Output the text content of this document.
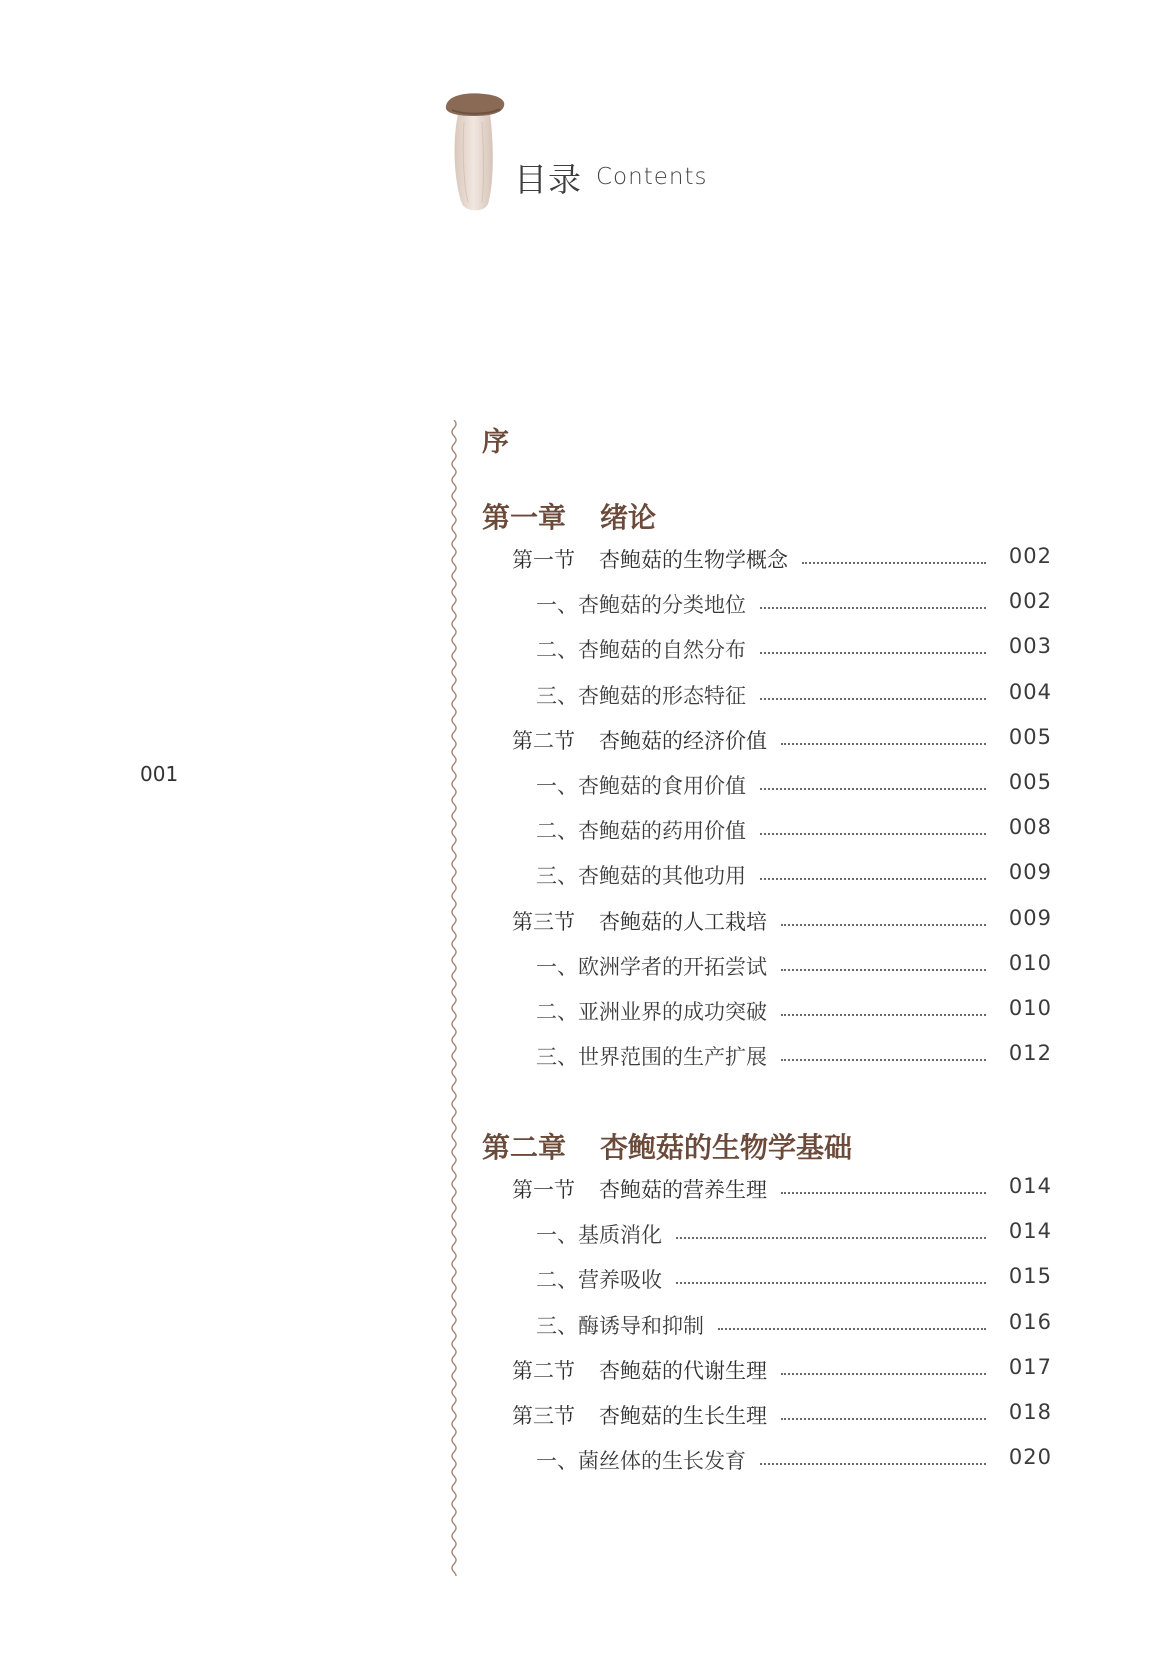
目录 Contents
001
序
第一章 绪论
第一节 杏鲍菇的生物学概念	002
一、杏鲍菇的分类地位	002
二、杏鲍菇的自然分布	003
三、杏鲍菇的形态特征	004
第二节 杏鲍菇的经济价值	005
一、杏鲍菇的食用价值	005
二、杏鲍菇的药用价值	008
三、杏鲍菇的其他功用	009
第三节 杏鲍菇的人工栽培	009
一、欧洲学者的开拓尝试	010
二、亚洲业界的成功突破	010
三、世界范围的生产扩展	012
第二章 杏鲍菇的生物学基础
第一节 杏鲍菇的营养生理	014
一、基质消化	014
二、营养吸收	015
三、酶诱导和抑制	016
第二节 杏鲍菇的代谢生理	017
第三节 杏鲍菇的生长生理	018
一、菌丝体的生长发育	020
